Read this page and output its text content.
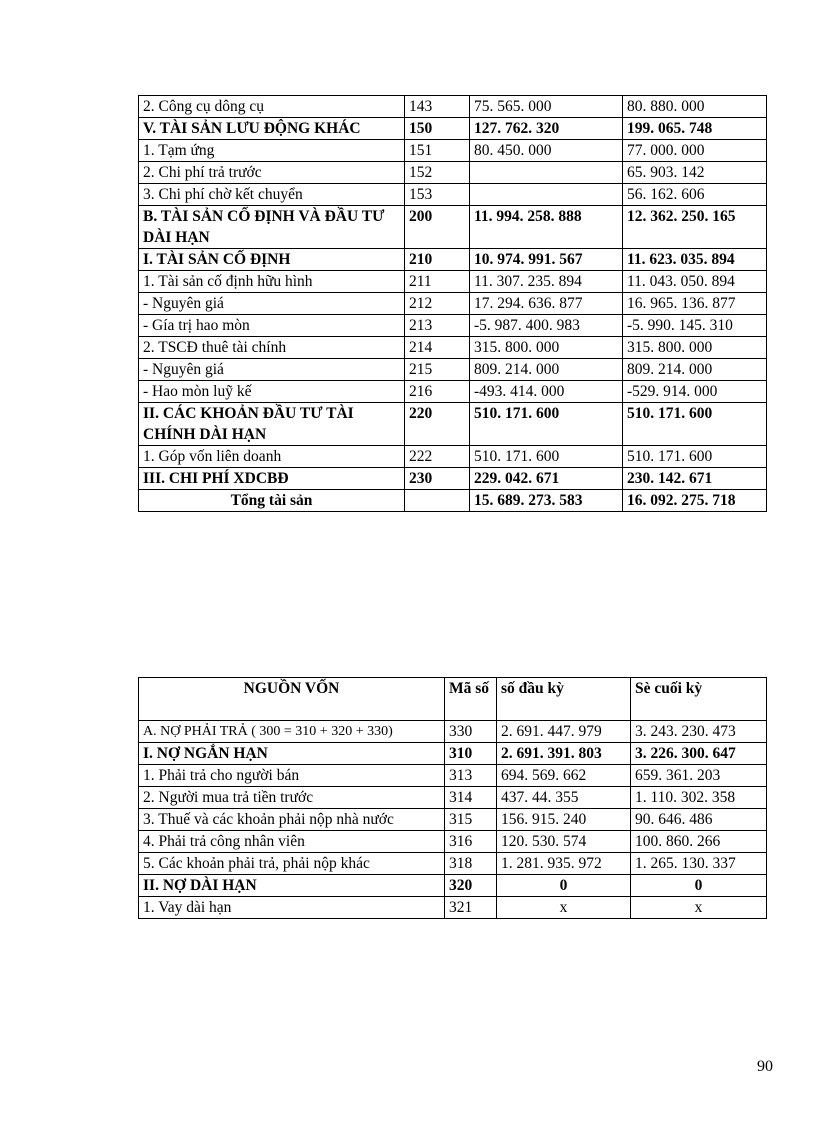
2. Công cụ dông cụ	143	75. 565. 000	80. 880. 000
V. TÀI SẢN LƯU ĐỘNG KHÁC	150	127. 762. 320	199. 065. 748
1. Tạm ứng	151	80. 450. 000	77. 000. 000
2. Chi phí trả trước	152		65. 903. 142
3. Chi phí chờ kết chuyển	153		56. 162. 606
B. TÀI SẢN CỐ ĐỊNH VÀ ĐẦU TƯ DÀI HẠN	200	11. 994. 258. 888	12. 362. 250. 165
I. TÀI SẢN CỐ ĐỊNH	210	10. 974. 991. 567	11. 623. 035. 894
1. Tài sản cố định hữu hình	211	11. 307. 235. 894	11. 043. 050. 894
- Nguyên giá	212	17. 294. 636. 877	16. 965. 136. 877
- Gía trị hao mòn	213	-5. 987. 400. 983	-5. 990. 145. 310
2. TSCĐ thuê tài chính	214	315. 800. 000	315. 800. 000
- Nguyên giá	215	809. 214. 000	809. 214. 000
- Hao mòn luỹ kế	216	-493. 414. 000	-529. 914. 000
II. CÁC KHOẢN ĐẦU TƯ TÀI CHÍNH DÀI HẠN	220	510. 171. 600	510. 171. 600
1. Góp vốn liên doanh	222	510. 171. 600	510. 171. 600
III. CHI PHÍ XDCBĐ	230	229. 042. 671	230. 142. 671
Tổng tài sản		15. 689. 273. 583	16. 092. 275. 718
NGUỒN VỐN	Mã số	số đầu kỳ	Sè cuối kỳ
A. NỢ PHẢI TRẢ ( 300 = 310 + 320 + 330)	330	2. 691. 447. 979	3. 243. 230. 473
I. NỢ NGẮN HẠN	310	2. 691. 391. 803	3. 226. 300. 647
1. Phải trả cho người bán	313	694. 569. 662	659. 361. 203
2. Người mua trả tiền trước	314	437. 44. 355	1. 110. 302. 358
3. Thuế và các khoản phải nộp nhà nước	315	156. 915. 240	90. 646. 486
4. Phải trả công nhân viên	316	120. 530. 574	100. 860. 266
5. Các khoản phải trả, phải nộp khác	318	1. 281. 935. 972	1. 265. 130. 337
II. NỢ DÀI HẠN	320	0	0
1. Vay dài hạn	321	x	x
90
